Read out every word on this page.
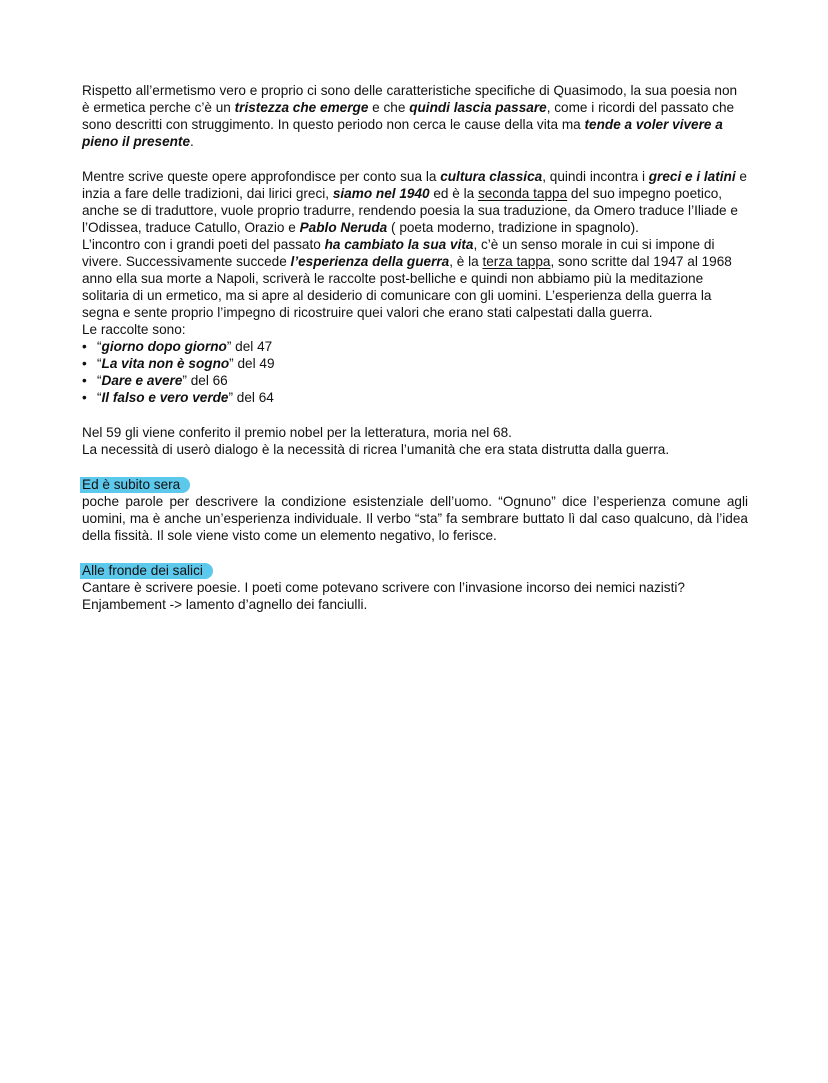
Rispetto all’ermetismo vero e proprio ci sono delle caratteristiche specifiche di Quasimodo, la sua poesia non è ermetica perche c’è un tristezza che emerge e che quindi lascia passare, come i ricordi del passato che sono descritti con struggimento. In questo periodo non cerca le cause della vita ma tende a voler vivere a pieno il presente.

Mentre scrive queste opere approfondisce per conto sua la cultura classica, quindi incontra i greci e i latini e inzia a fare delle tradizioni, dai lirici greci, siamo nel 1940 ed è la seconda tappa del suo impegno poetico, anche se di traduttore, vuole proprio tradurre, rendendo poesia la sua traduzione, da Omero traduce l’Iliade e l’Odissea, traduce Catullo, Orazio e Pablo Neruda ( poeta moderno, tradizione in spagnolo).

L’incontro con i grandi poeti del passato ha cambiato la sua vita, c’è un senso morale in cui si impone di vivere. Successivamente succede l’esperienza della guerra, è la terza tappa, sono scritte dal 1947 al 1968 anno ella sua morte a Napoli, scriverà le raccolte post-belliche e quindi non abbiamo più la meditazione solitaria di un ermetico, ma si apre al desiderio di comunicare con gli uomini. L’esperienza della guerra la segna e sente proprio l’impegno di ricostruire quei valori che erano stati calpestati dalla guerra.

Le raccolte sono:

• “giorno dopo giorno” del 47
• “La vita non è sogno” del 49
• “Dare e avere” del 66
• “Il falso e vero verde” del 64

Nel 59 gli viene conferito il premio nobel per la letteratura, moria nel 68.

La necessità di userò dialogo è la necessità di ricrea l’umanità che era stata distrutta dalla guerra.

Ed è subito sera

poche parole per descrivere la condizione esistenziale dell’uomo. “Ognuno” dice l’esperienza comune agli uomini, ma è anche un’esperienza individuale. Il verbo “sta” fa sembrare buttato lì dal caso qualcuno, dà l’idea della fissità. Il sole viene visto come un elemento negativo, lo ferisce.

Alle fronde dei salici

Cantare è scrivere poesie. I poeti come potevano scrivere con l’invasione incorso dei nemici nazisti?

Enjambement -> lamento d’agnello dei fanciulli.
